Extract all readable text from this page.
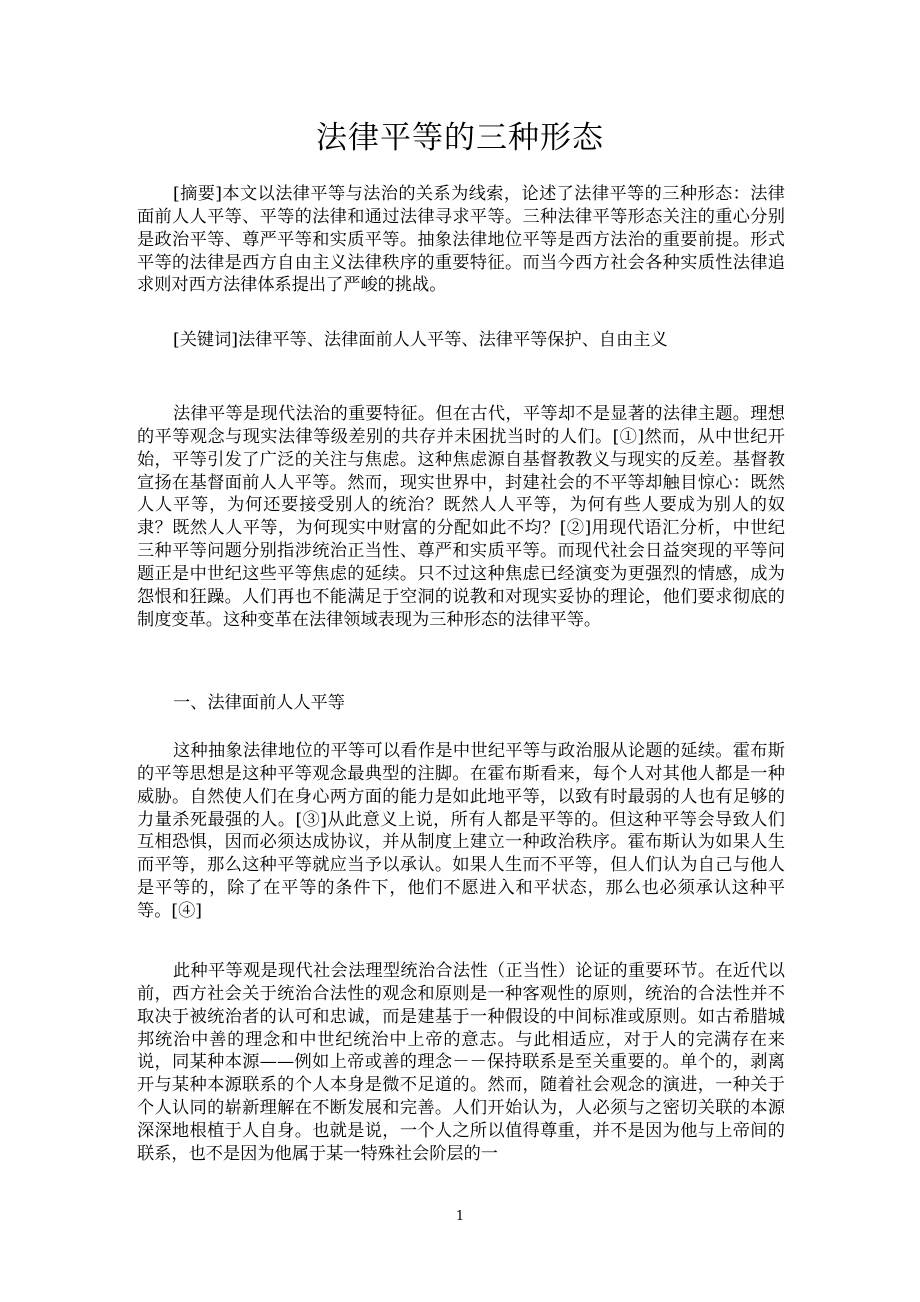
法律平等的三种形态

[摘要]本文以法律平等与法治的关系为线索，论述了法律平等的三种形态：法律面前人人平等、平等的法律和通过法律寻求平等。三种法律平等形态关注的重心分别是政治平等、尊严平等和实质平等。抽象法律地位平等是西方法治的重要前提。形式平等的法律是西方自由主义法律秩序的重要特征。而当今西方社会各种实质性法律追求则对西方法律体系提出了严峻的挑战。

[关键词]法律平等、法律面前人人平等、法律平等保护、自由主义

法律平等是现代法治的重要特征。但在古代，平等却不是显著的法律主题。理想的平等观念与现实法律等级差别的共存并未困扰当时的人们。[①]然而，从中世纪开始，平等引发了广泛的关注与焦虑。这种焦虑源自基督教教义与现实的反差。基督教宣扬在基督面前人人平等。然而，现实世界中，封建社会的不平等却触目惊心：既然人人平等，为何还要接受别人的统治？既然人人平等，为何有些人要成为别人的奴隶？既然人人平等，为何现实中财富的分配如此不均？[②]用现代语汇分析，中世纪三种平等问题分别指涉统治正当性、尊严和实质平等。而现代社会日益突现的平等问题正是中世纪这些平等焦虑的延续。只不过这种焦虑已经演变为更强烈的情感，成为怨恨和狂躁。人们再也不能满足于空洞的说教和对现实妥协的理论，他们要求彻底的制度变革。这种变革在法律领域表现为三种形态的法律平等。

一、法律面前人人平等

这种抽象法律地位的平等可以看作是中世纪平等与政治服从论题的延续。霍布斯的平等思想是这种平等观念最典型的注脚。在霍布斯看来，每个人对其他人都是一种威胁。自然使人们在身心两方面的能力是如此地平等，以致有时最弱的人也有足够的力量杀死最强的人。[③]从此意义上说，所有人都是平等的。但这种平等会导致人们互相恐惧，因而必须达成协议，并从制度上建立一种政治秩序。霍布斯认为如果人生而平等，那么这种平等就应当予以承认。如果人生而不平等，但人们认为自己与他人是平等的，除了在平等的条件下，他们不愿进入和平状态，那么也必须承认这种平等。[④]

此种平等观是现代社会法理型统治合法性（正当性）论证的重要环节。在近代以前，西方社会关于统治合法性的观念和原则是一种客观性的原则，统治的合法性并不取决于被统治者的认可和忠诚，而是建基于一种假设的中间标准或原则。如古希腊城邦统治中善的理念和中世纪统治中上帝的意志。与此相适应，对于人的完满存在来说，同某种本源——例如上帝或善的理念－－保持联系是至关重要的。单个的，剥离开与某种本源联系的个人本身是微不足道的。然而，随着社会观念的演进，一种关于个人认同的崭新理解在不断发展和完善。人们开始认为，人必须与之密切关联的本源深深地根植于人自身。也就是说，一个人之所以值得尊重，并不是因为他与上帝间的联系，也不是因为他属于某一特殊社会阶层的一

1
